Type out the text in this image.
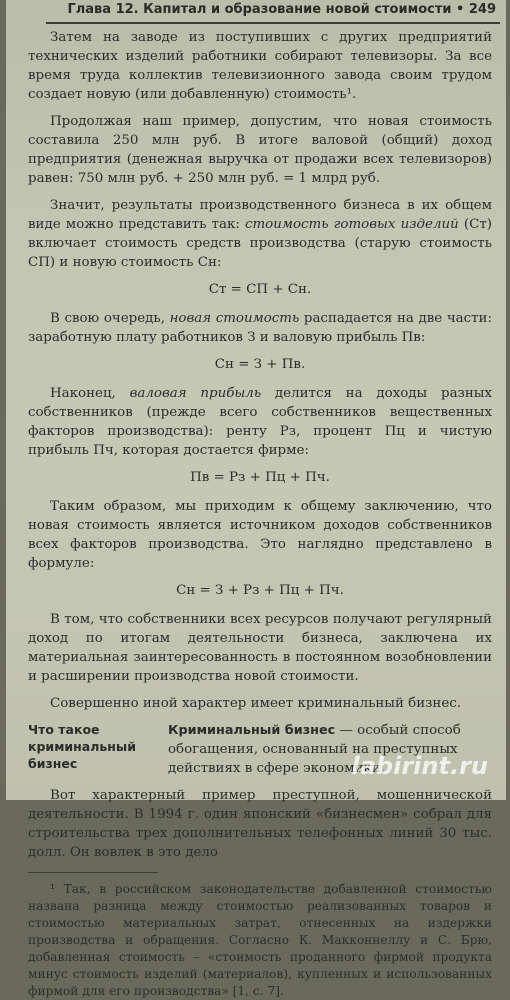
Глава 12. Капитал и образование новой стоимости • 249

Затем на заводе из поступивших с других предприятий технических изделий работники собирают телевизоры. За все время труда коллектив телевизионного завода своим трудом создает новую (или добавленную) стоимость¹.

Продолжая наш пример, допустим, что новая стоимость составила 250 млн руб. В итоге валовой (общий) доход предприятия (денежная выручка от продажи всех телевизоров) равен: 750 млн руб. + 250 млн руб. = 1 млрд руб.

Значит, результаты производственного бизнеса в их общем виде можно представить так: стоимость готовых изделий (Cт) включает стоимость средств производства (старую стоимость СП) и новую стоимость Сн:

Cт = СП + Cн.

В свою очередь, новая стоимость распадается на две части: заработную плату работников З и валовую прибыль Пв:

Cн = З + Пв.

Наконец, валовая прибыль делится на доходы разных собственников (прежде всего собственников вещественных факторов производства): ренту Рз, процент Пц и чистую прибыль Пч, которая достается фирме:

Пв = Рз + Пц + Пч.

Таким образом, мы приходим к общему заключению, что новая стоимость является источником доходов собственников всех факторов производства. Это наглядно представлено в формуле:

Cн = З + Рз + Пц + Пч.

В том, что собственники всех ресурсов получают регулярный доход по итогам деятельности бизнеса, заключена их материальная заинтересованность в постоянном возобновлении и расширении производства новой стоимости.

Совершенно иной характер имеет криминальный бизнес.

Что такое криминальный бизнес
Криминальный бизнес — особый способ обогащения, основанный на преступных действиях в сфере экономики.

Вот характерный пример преступной, мошеннической деятельности. В 1994 г. один японский «бизнесмен» собрал для строительства трех дополнительных телефонных линий 30 тыс. долл. Он вовлек в это дело

¹ Так, в российском законодательстве добавленной стоимостью названа разница между стоимостью реализованных товаров и стоимостью материальных затрат, отнесенных на издержки производства и обращения. Согласно К. Макконнеллу и С. Брю, добавленная стоимость – «стоимость проданного фирмой продукта минус стоимость изделий (материалов), купленных и использованных фирмой для его производства» [1, с. 7].

labirint.ru
